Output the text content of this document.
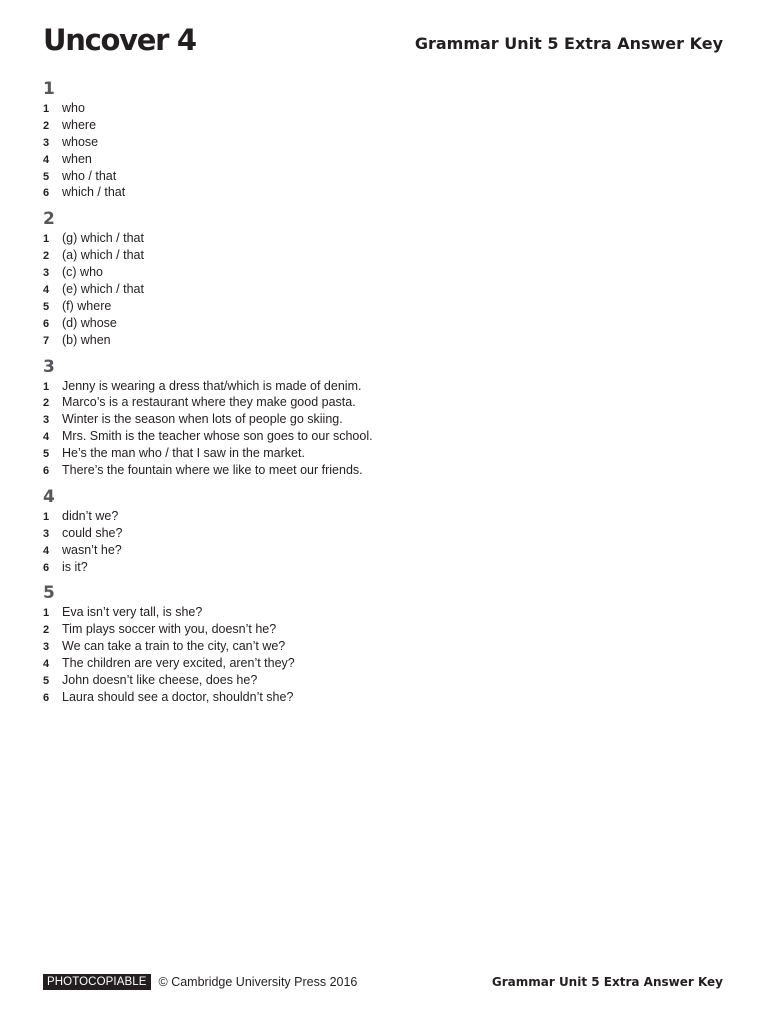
Uncover 4	Grammar Unit 5 Extra Answer Key
1
1	who
2	where
3	whose
4	when
5	who / that
6	which / that
2
1	(g) which / that
2	(a) which / that
3	(c) who
4	(e) which / that
5	(f) where
6	(d) whose
7	(b) when
3
1	Jenny is wearing a dress that/which is made of denim.
2	Marco’s is a restaurant where they make good pasta.
3	Winter is the season when lots of people go skiing.
4	Mrs. Smith is the teacher whose son goes to our school.
5	He’s the man who / that I saw in the market.
6	There’s the fountain where we like to meet our friends.
4
1	didn’t we?
3	could she?
4	wasn’t he?
6	is it?
5
1	Eva isn’t very tall, is she?
2	Tim plays soccer with you, doesn’t he?
3	We can take a train to the city, can’t we?
4	The children are very excited, aren’t they?
5	John doesn’t like cheese, does he?
6	Laura should see a doctor, shouldn’t she?
PHOTOCOPIABLE © Cambridge University Press 2016	Grammar Unit 5 Extra Answer Key
